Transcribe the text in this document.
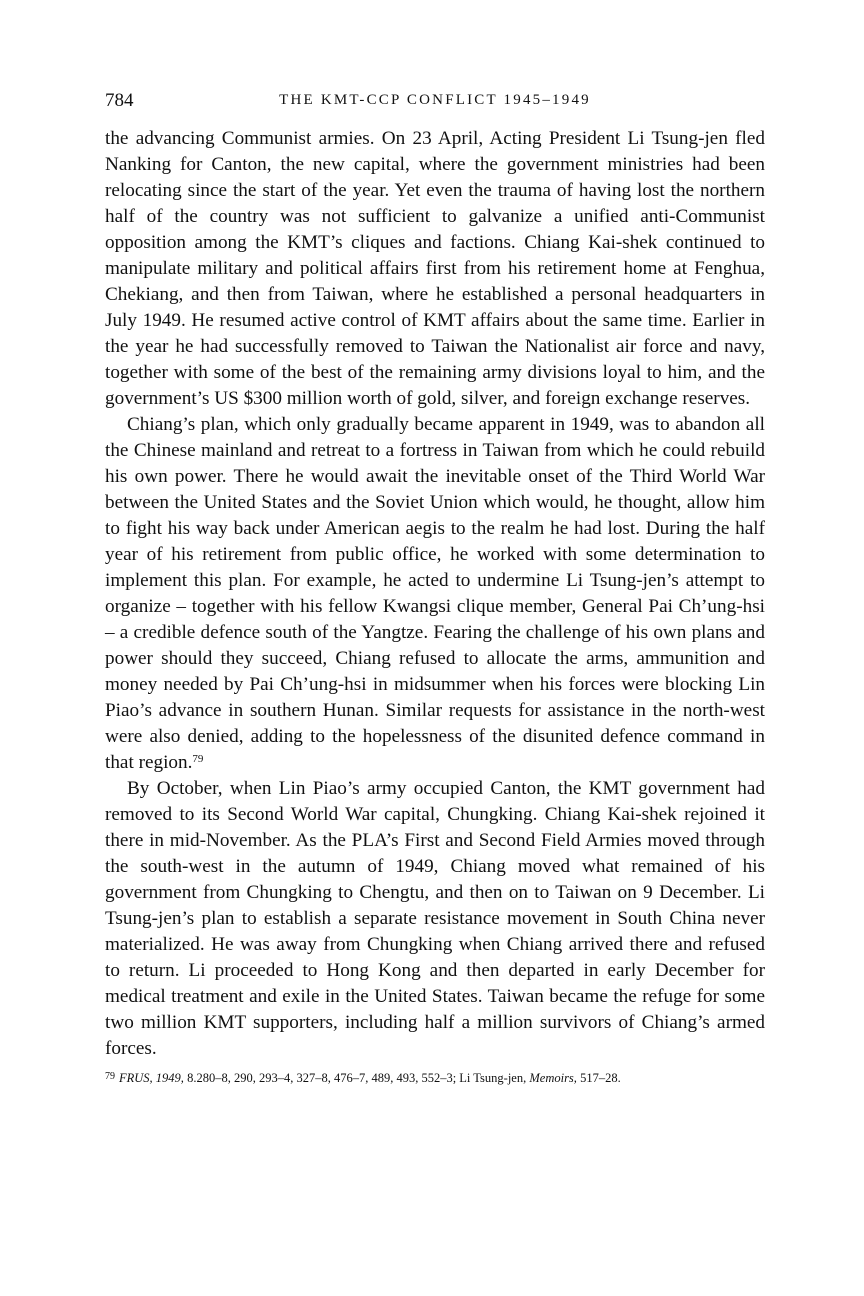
784	THE KMT-CCP CONFLICT 1945–1949

the advancing Communist armies. On 23 April, Acting President Li Tsung-jen fled Nanking for Canton, the new capital, where the government ministries had been relocating since the start of the year. Yet even the trauma of having lost the northern half of the country was not sufficient to galvanize a unified anti-Communist opposition among the KMT’s cliques and factions. Chiang Kai-shek continued to manipulate military and political affairs first from his retirement home at Fenghua, Chekiang, and then from Taiwan, where he established a personal headquarters in July 1949. He resumed active control of KMT affairs about the same time. Earlier in the year he had successfully removed to Taiwan the Nationalist air force and navy, together with some of the best of the remaining army divisions loyal to him, and the government’s US $300 million worth of gold, silver, and foreign exchange reserves.

Chiang’s plan, which only gradually became apparent in 1949, was to abandon all the Chinese mainland and retreat to a fortress in Taiwan from which he could rebuild his own power. There he would await the inevitable onset of the Third World War between the United States and the Soviet Union which would, he thought, allow him to fight his way back under American aegis to the realm he had lost. During the half year of his retirement from public office, he worked with some determination to implement this plan. For example, he acted to undermine Li Tsung-jen’s attempt to organize – together with his fellow Kwangsi clique member, General Pai Ch’ung-hsi – a credible defence south of the Yangtze. Fearing the challenge of his own plans and power should they succeed, Chiang refused to allocate the arms, ammunition and money needed by Pai Ch’ung-hsi in midsummer when his forces were blocking Lin Piao’s advance in southern Hunan. Similar requests for assistance in the north-west were also denied, adding to the hopelessness of the disunited defence command in that region.$^{79}$

By October, when Lin Piao’s army occupied Canton, the KMT government had removed to its Second World War capital, Chungking. Chiang Kai-shek rejoined it there in mid-November. As the PLA’s First and Second Field Armies moved through the south-west in the autumn of 1949, Chiang moved what remained of his government from Chungking to Chengtu, and then on to Taiwan on 9 December. Li Tsung-jen’s plan to establish a separate resistance movement in South China never materialized. He was away from Chungking when Chiang arrived there and refused to return. Li proceeded to Hong Kong and then departed in early December for medical treatment and exile in the United States. Taiwan became the refuge for some two million KMT supporters, including half a million survivors of Chiang’s armed forces.

$^{79}$ FRUS, 1949, 8.280–8, 290, 293–4, 327–8, 476–7, 489, 493, 552–3; Li Tsung-jen, Memoirs, 517–28.
